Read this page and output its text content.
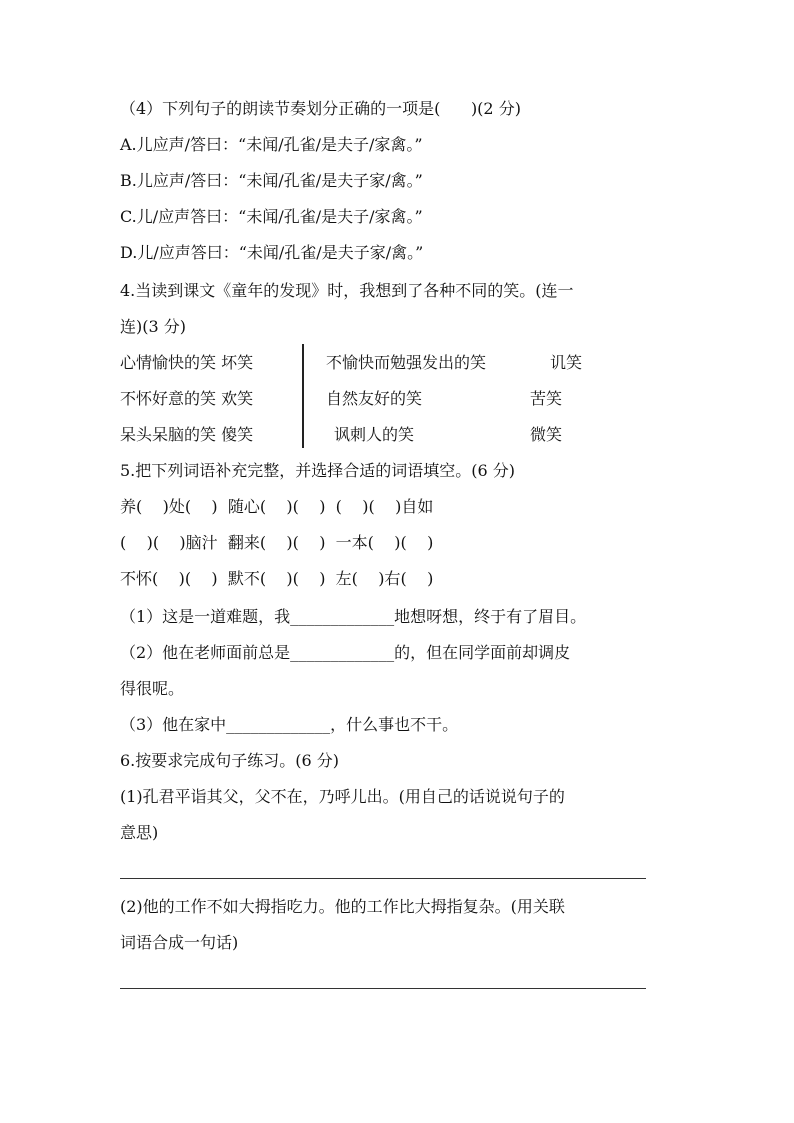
（4）下列句子的朗读节奏划分正确的一项是(      )(2 分)
A.儿应声/答曰：“未闻/孔雀/是夫子/家禽。”
B.儿应声/答曰：“未闻/孔雀/是夫子家/禽。”
C.儿/应声答曰：“未闻/孔雀/是夫子/家禽。”
D.儿/应声答曰：“未闻/孔雀/是夫子家/禽。”
4.当读到课文《童年的发现》时，我想到了各种不同的笑。(连一
连)(3 分)
心情愉快的笑 坏笑
不怀好意的笑 欢笑
呆头呆脑的笑 傻笑
不愉快而勉强发出的笑
自然友好的笑
讽刺人的笑
讥笑
苦笑
微笑
5.把下列词语补充完整，并选择合适的词语填空。(6 分)
养(    )处(    )  随心(    )(    )  (    )(    )自如
(    )(    )脑汁  翻来(    )(    )  一本(    )(    )
不怀(    )(    )  默不(    )(    )  左(    )右(    )
（1）这是一道难题，我_____________地想呀想，终于有了眉目。
（2）他在老师面前总是_____________的，但在同学面前却调皮
得很呢。
（3）他在家中_____________，什么事也不干。
6.按要求完成句子练习。(6 分)
(1)孔君平诣其父，父不在，乃呼儿出。(用自己的话说说句子的
意思)
(2)他的工作不如大拇指吃力。他的工作比大拇指复杂。(用关联
词语合成一句话)
